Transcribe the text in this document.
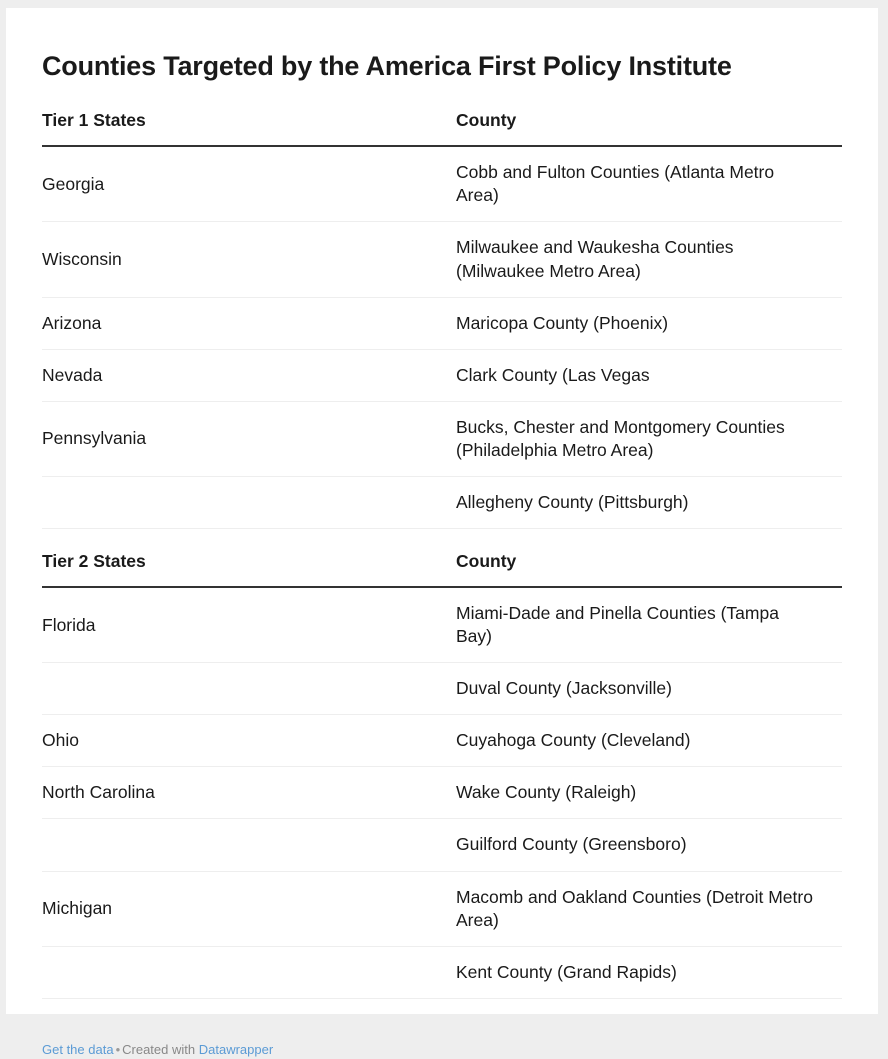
Counties Targeted by the America First Policy Institute
Tier 1 States	County
Georgia	Cobb and Fulton Counties (Atlanta Metro Area)
Wisconsin	Milwaukee and Waukesha Counties (Milwaukee Metro Area)
Arizona	Maricopa County (Phoenix)
Nevada	Clark County (Las Vegas
Pennsylvania	Bucks, Chester and Montgomery Counties (Philadelphia Metro Area)
	Allegheny County (Pittsburgh)
Tier 2 States	County
Florida	Miami-Dade and Pinella Counties (Tampa Bay)
	Duval County (Jacksonville)
Ohio	Cuyahoga County (Cleveland)
North Carolina	Wake County (Raleigh)
	Guilford County (Greensboro)
Michigan	Macomb and Oakland Counties (Detroit Metro Area)
	Kent County (Grand Rapids)
Get the data • Created with Datawrapper
